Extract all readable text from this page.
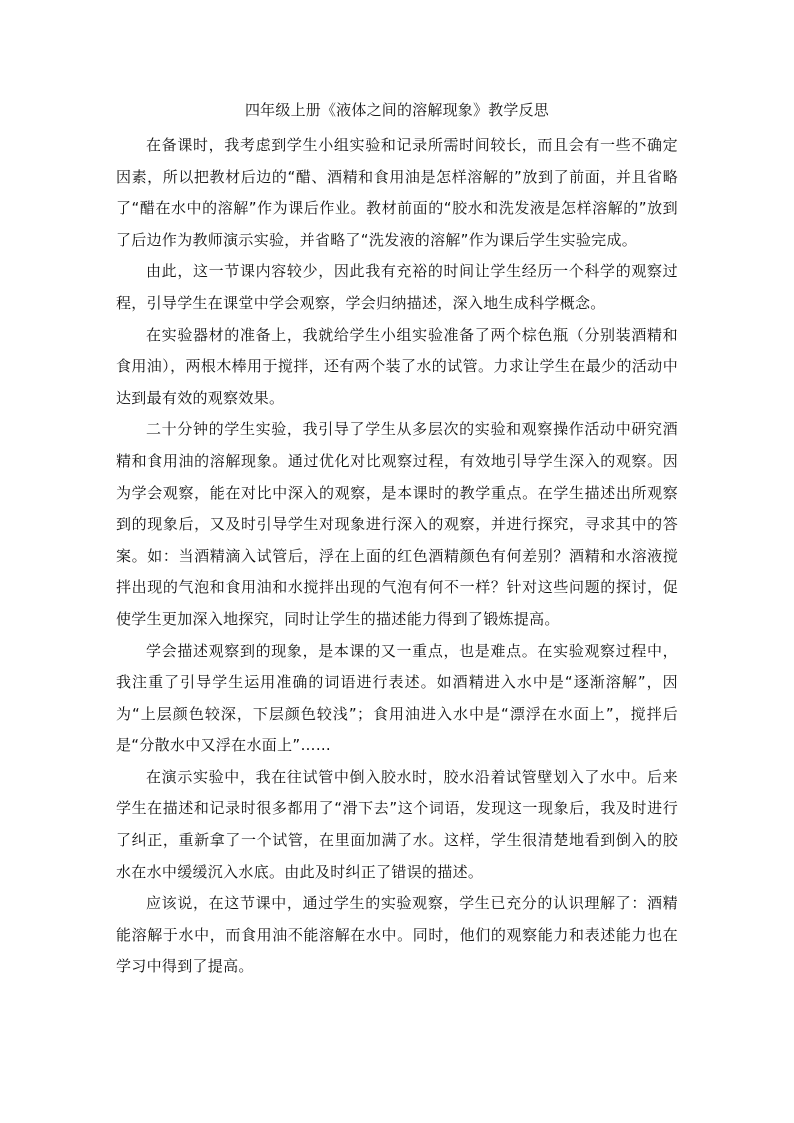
四年级上册《液体之间的溶解现象》教学反思

在备课时，我考虑到学生小组实验和记录所需时间较长，而且会有一些不确定因素，所以把教材后边的“醋、酒精和食用油是怎样溶解的”放到了前面，并且省略了“醋在水中的溶解”作为课后作业。教材前面的“胶水和洗发液是怎样溶解的”放到了后边作为教师演示实验，并省略了“洗发液的溶解”作为课后学生实验完成。

由此，这一节课内容较少，因此我有充裕的时间让学生经历一个科学的观察过程，引导学生在课堂中学会观察，学会归纳描述，深入地生成科学概念。

在实验器材的准备上，我就给学生小组实验准备了两个棕色瓶（分别装酒精和食用油），两根木棒用于搅拌，还有两个装了水的试管。力求让学生在最少的活动中达到最有效的观察效果。

二十分钟的学生实验，我引导了学生从多层次的实验和观察操作活动中研究酒精和食用油的溶解现象。通过优化对比观察过程，有效地引导学生深入的观察。因为学会观察，能在对比中深入的观察，是本课时的教学重点。在学生描述出所观察到的现象后，又及时引导学生对现象进行深入的观察，并进行探究，寻求其中的答案。如：当酒精滴入试管后，浮在上面的红色酒精颜色有何差别？酒精和水溶液搅拌出现的气泡和食用油和水搅拌出现的气泡有何不一样？针对这些问题的探讨，促使学生更加深入地探究，同时让学生的描述能力得到了锻炼提高。

学会描述观察到的现象，是本课的又一重点，也是难点。在实验观察过程中，我注重了引导学生运用准确的词语进行表述。如酒精进入水中是“逐渐溶解”，因为“上层颜色较深，下层颜色较浅”；食用油进入水中是“漂浮在水面上”，搅拌后是“分散水中又浮在水面上”……

在演示实验中，我在往试管中倒入胶水时，胶水沿着试管壁划入了水中。后来学生在描述和记录时很多都用了“滑下去”这个词语，发现这一现象后，我及时进行了纠正，重新拿了一个试管，在里面加满了水。这样，学生很清楚地看到倒入的胶水在水中缓缓沉入水底。由此及时纠正了错误的描述。

应该说，在这节课中，通过学生的实验观察，学生已充分的认识理解了：酒精能溶解于水中，而食用油不能溶解在水中。同时，他们的观察能力和表述能力也在学习中得到了提高。
